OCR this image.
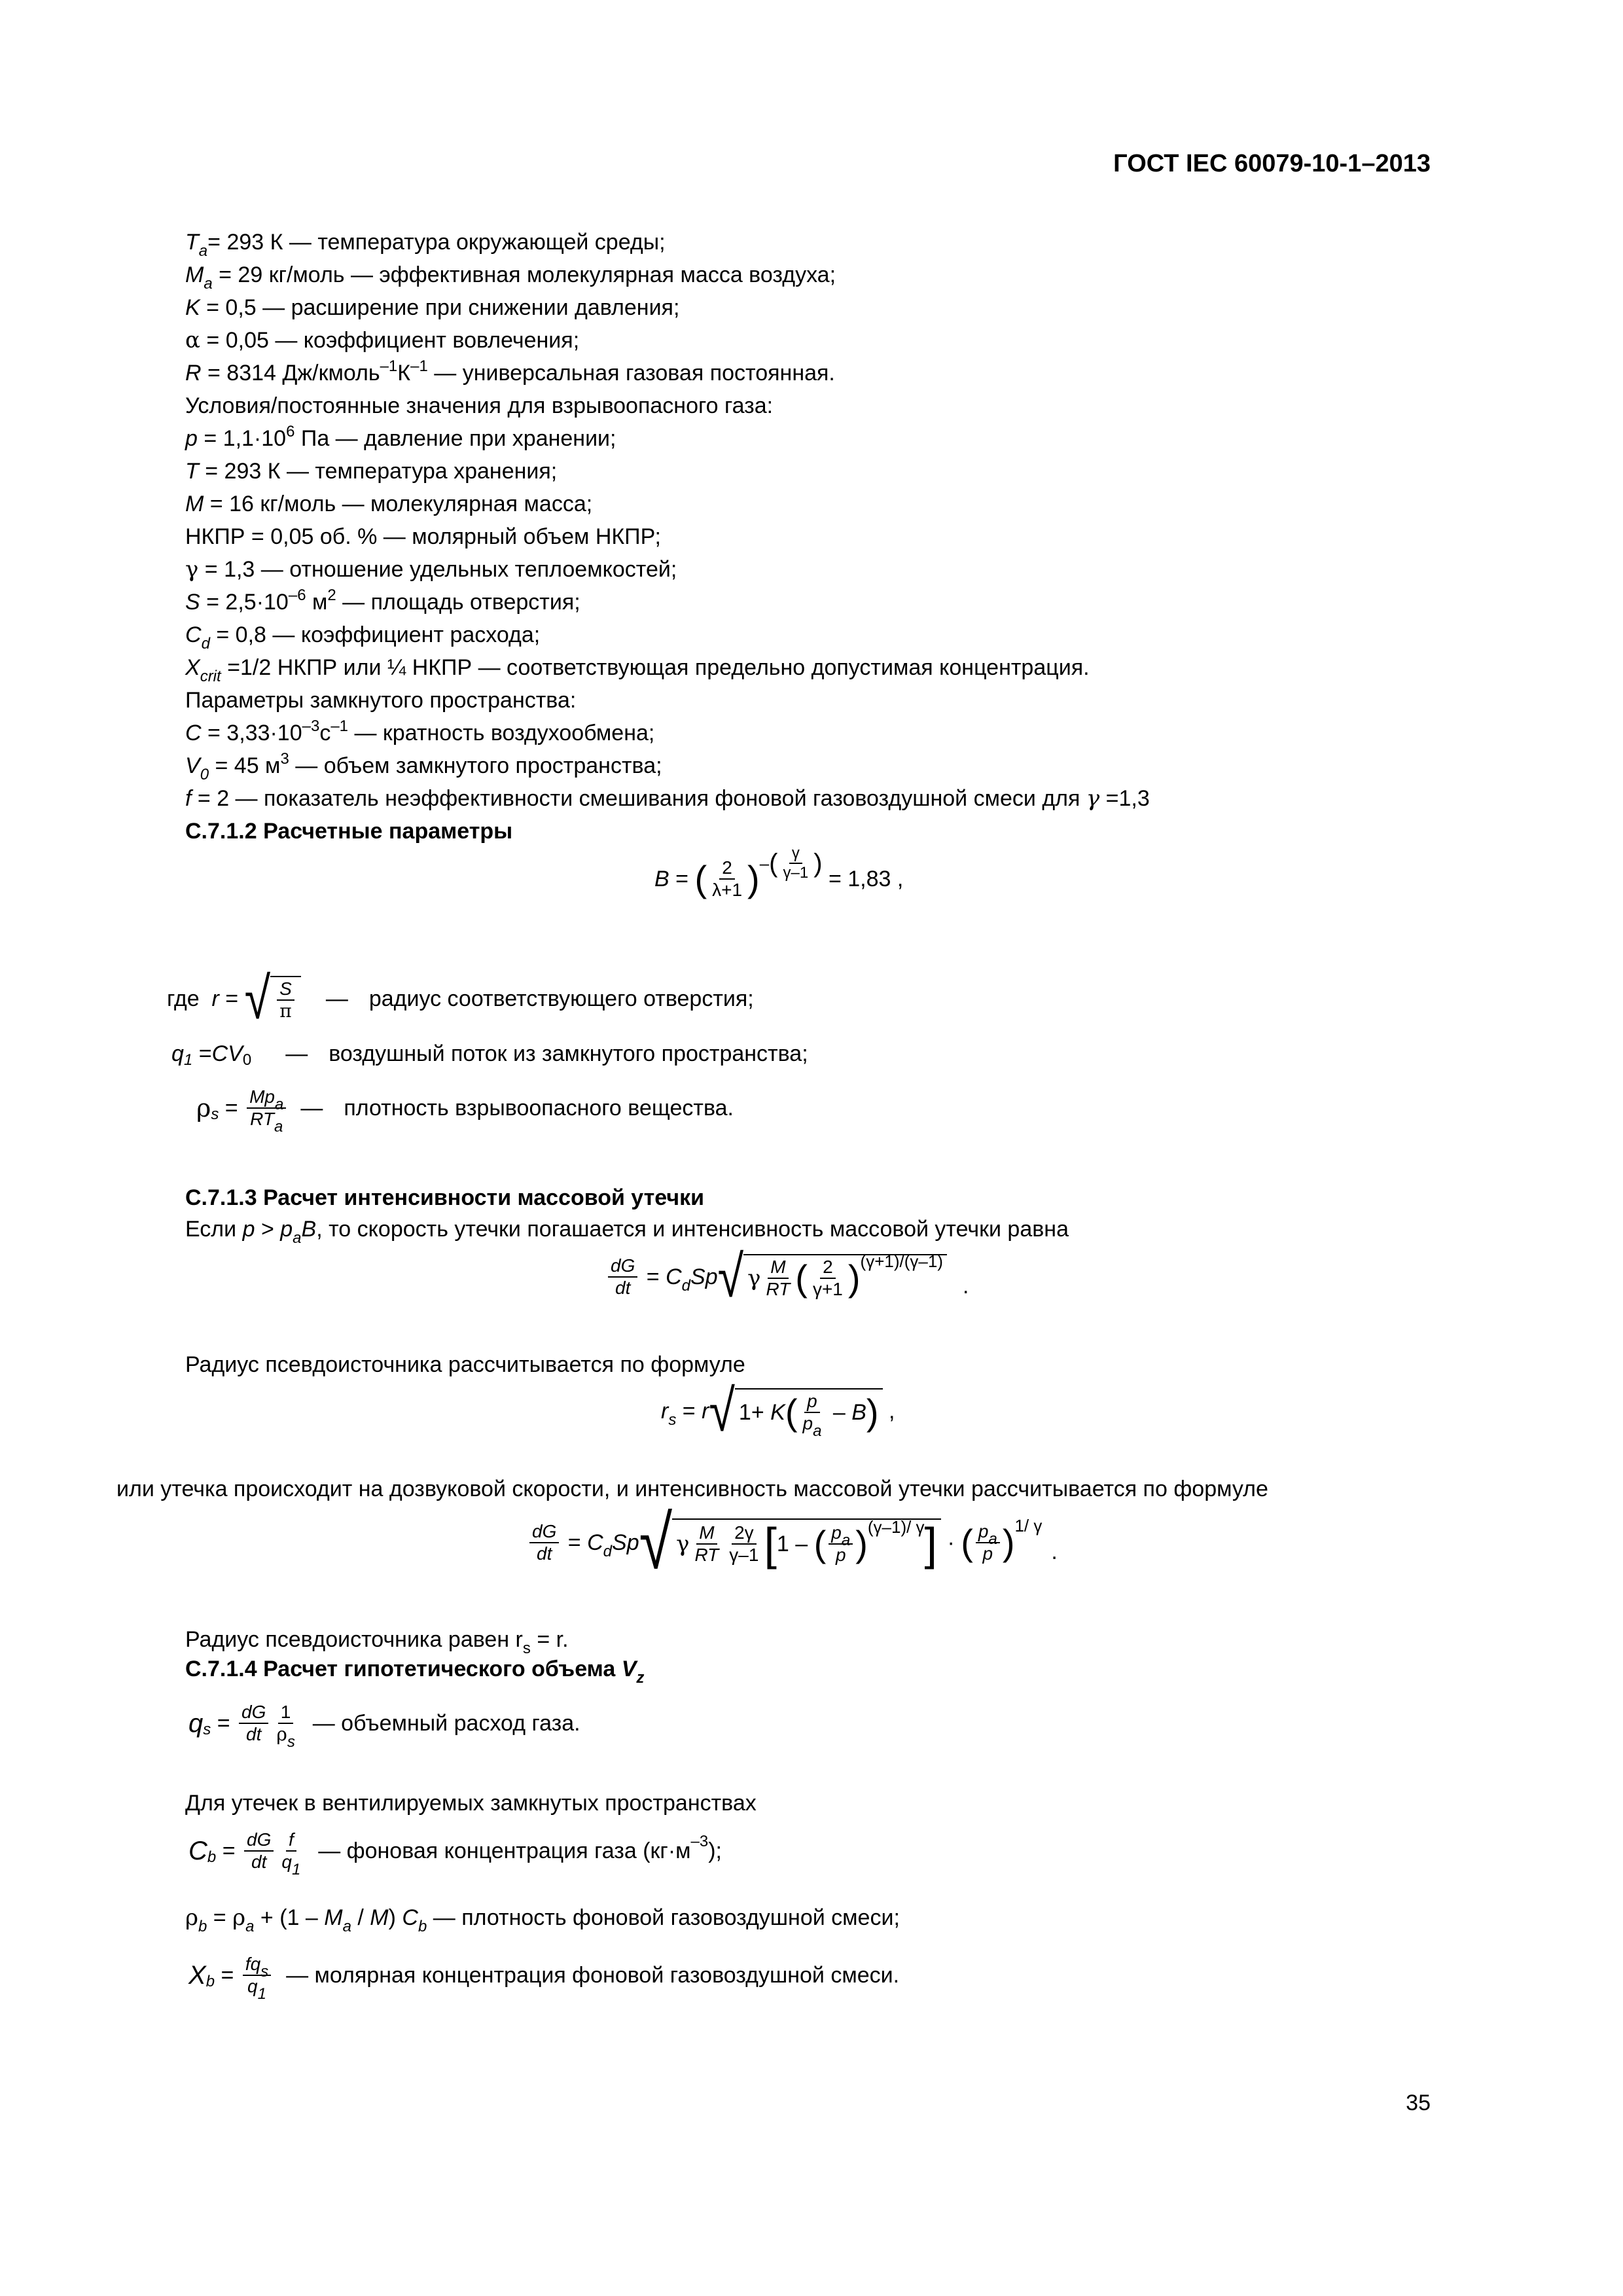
ГОСТ IEC 60079-10-1–2013
$T_a= 293$ К — температура окружающей среды;
$M_a = 29$ кг/моль — эффективная молекулярная масса воздуха;
K = 0,5 — расширение при снижении давления;
α = 0,05 — коэффициент вовлечения;
R = 8314 $Дж/кмоль^{-1}К^{-1}$ — универсальная газовая постоянная.
Условия/постоянные значения для взрывоопасного газа:
$p = 1,1\cdot 10^6$ Па — давление при хранении;
T = 293 К — температура хранения;
M = 16 кг/моль — молекулярная масса;
НКПР = 0,05 об. % — молярный объем НКПР;
γ = 1,3 — отношение удельных теплоемкостей;
$S = 2,5\cdot 10^{-6}$ $м^2$ — площадь отверстия;
$C_d = 0,8$ — коэффициент расхода;
$X_{crit} =1/2$ НКПР или ¼ НКПР — соответствующая предельно допустимая концентрация.
Параметры замкнутого пространства:
$C = 3,33\cdot 10^{-3}с^{-1}$ — кратность воздухообмена;
$V_0 = 45$ $м^3$ — объем замкнутого пространства;
f = 2 — показатель неэффективности смешивания фоновой газовоздушной смеси для γ =1,3
С.7.1.2 Расчетные параметры
B = ( $\frac{2}{\lambda+1}$ ) – ( $\frac{\gamma}{\gamma-1}$ )
= 1,83 ,
где
r = √ $\frac{S}{\pi}$ — радиус соответствующего отверстия;
$q_1 = CV_0$ — воздушный поток из замкнутого пространства;
$\rho_s = \frac{Mp_a}{RT_a}$ — плотность взрывоопасного вещества.
С.7.1.3 Расчет интенсивности массовой утечки
Если $p > p_aB$, то скорость утечки погашается и интенсивность массовой утечки равна
$\frac{dG}{dt} = C_dSp$ √ γ $\frac{M}{RT}$ ( $\frac{2}{\gamma+1}$ ) (γ+1)/(γ–1)
.
Радиус псевдоисточника рассчитывается по формуле
$r_s = r$ √ 1+ K ( $\frac{p}{p_a}$ – B ) ,
или утечка происходит на дозвуковой скорости, и интенсивность массовой утечки рассчитывается по формуле
$\frac{dG}{dt} = C_dSp$ √ γ $\frac{M}{RT} \frac{2\gamma}{\gamma-1}$ [ 1 – ( $\frac{p_a}{p}$ ) (γ–1)/ γ ] · ( $\frac{p_a}{p}$ ) 1/ γ
.
Радиус псевдоисточника равен $r_s = r$.
С.7.1.4 Расчет гипотетического объема $V_z$
$q_s = \frac{dG}{dt} \frac{1}{\rho_s}$
— объемный расход газа.
Для утечек в вентилируемых замкнутых пространствах
$C_b = \frac{dG}{dt} \frac{f}{q_1}$
— фоновая концентрация газа ($кг\cdot м^{-3}$ );
$\rho_b = \rho_a + (1 - M_a / M)$ $C_b$ — плотность фоновой газовоздушной смеси;
$X_b = \frac{fq_s}{q_1}$
— молярная концентрация фоновой газовоздушной смеси.
35
